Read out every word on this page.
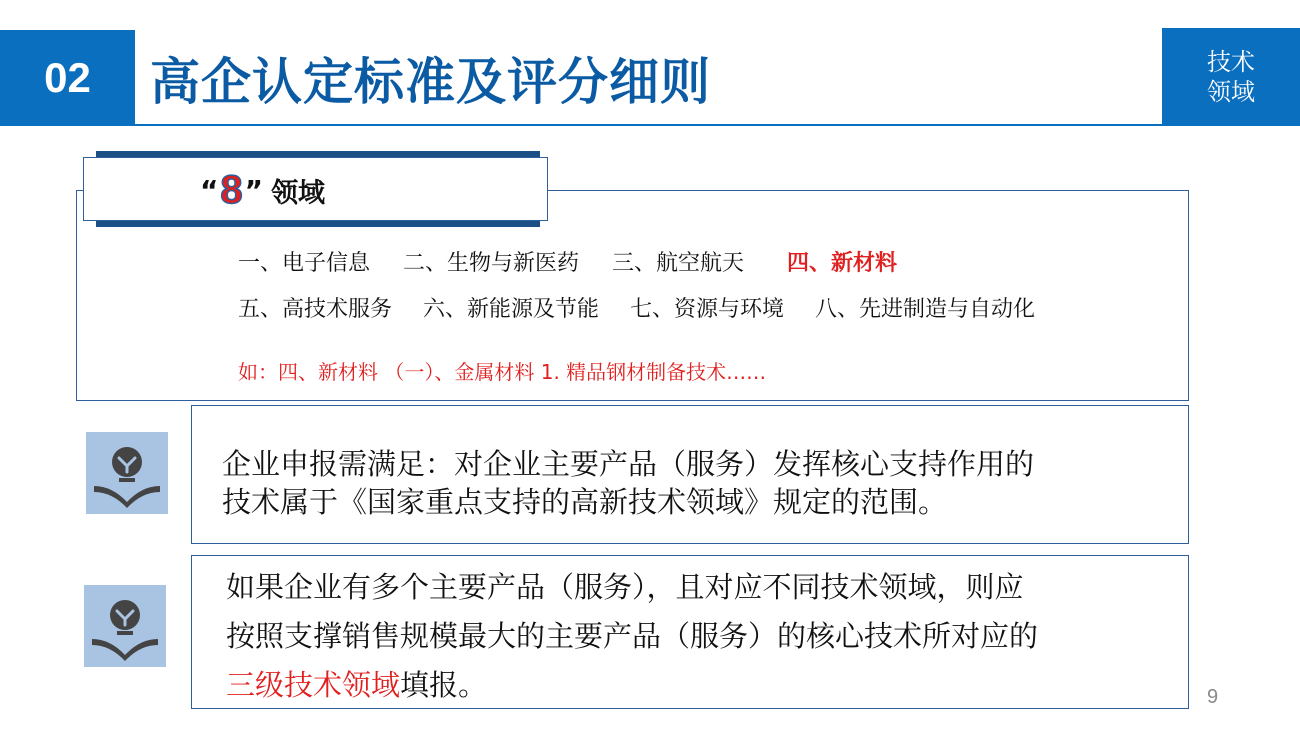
02	高企认定标准及评分细则	技术
领域
“ 8 ” 领域
一、电子信息 二、生物与新医药 三、航空航天 四、新材料
五、高技术服务 六、新能源及节能 七、资源与环境 八、先进制造与自动化
如：四、新材料 （一）、金属材料 1. 精品钢材制备技术……
企业申报需满足：对企业主要产品（服务）发挥核心支持作用的
技术属于《国家重点支持的高新技术领域》规定的范围。
如果企业有多个主要产品（服务），且对应不同技术领域，则应
按照支撑销售规模最大的主要产品（服务）的核心技术所对应的
三级技术领域填报。	9
